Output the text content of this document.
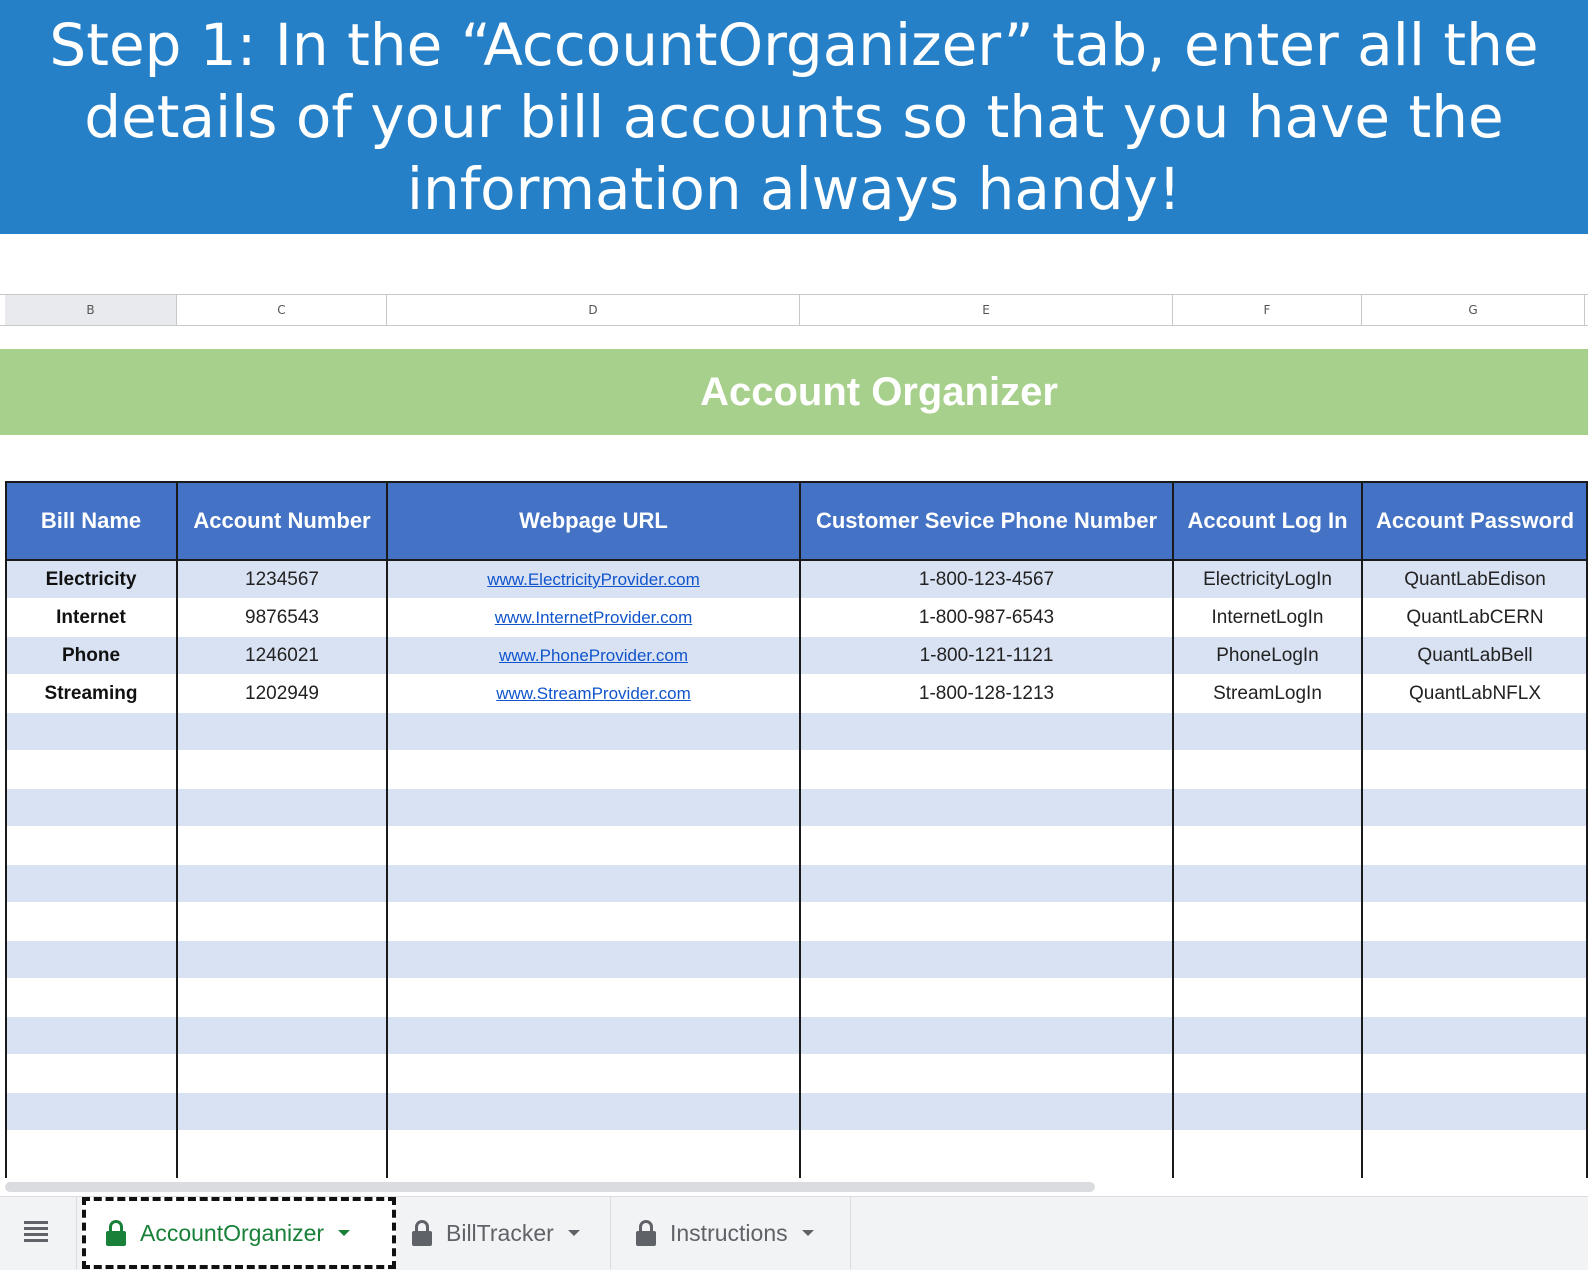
Step 1: In the “AccountOrganizer” tab, enter all the
details of your bill accounts so that you have the
information always handy!
B	C	D	E	F	G
Account Organizer
Bill Name	Account Number	Webpage URL	Customer Sevice Phone Number	Account Log In	Account Password
Electricity	1234567	www.ElectricityProvider.com	1-800-123-4567	ElectricityLogIn	QuantLabEdison
Internet	9876543	www.InternetProvider.com	1-800-987-6543	InternetLogIn	QuantLabCERN
Phone	1246021	www.PhoneProvider.com	1-800-121-1121	PhoneLogIn	QuantLabBell
Streaming	1202949	www.StreamProvider.com	1-800-128-1213	StreamLogIn	QuantLabNFLX
AccountOrganizer	BillTracker	Instructions
